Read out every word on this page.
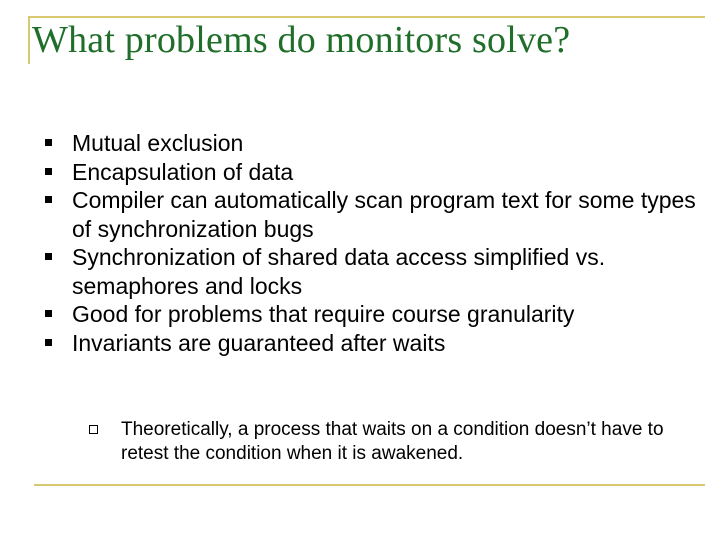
What problems do monitors solve?
Mutual exclusion
Encapsulation of data
Compiler can automatically scan program text for some types of synchronization bugs
Synchronization of shared data access simplified vs. semaphores and locks
Good for problems that require course granularity
Invariants are guaranteed after waits
Theoretically, a process that waits on a condition doesn’t have to retest the condition when it is awakened.
